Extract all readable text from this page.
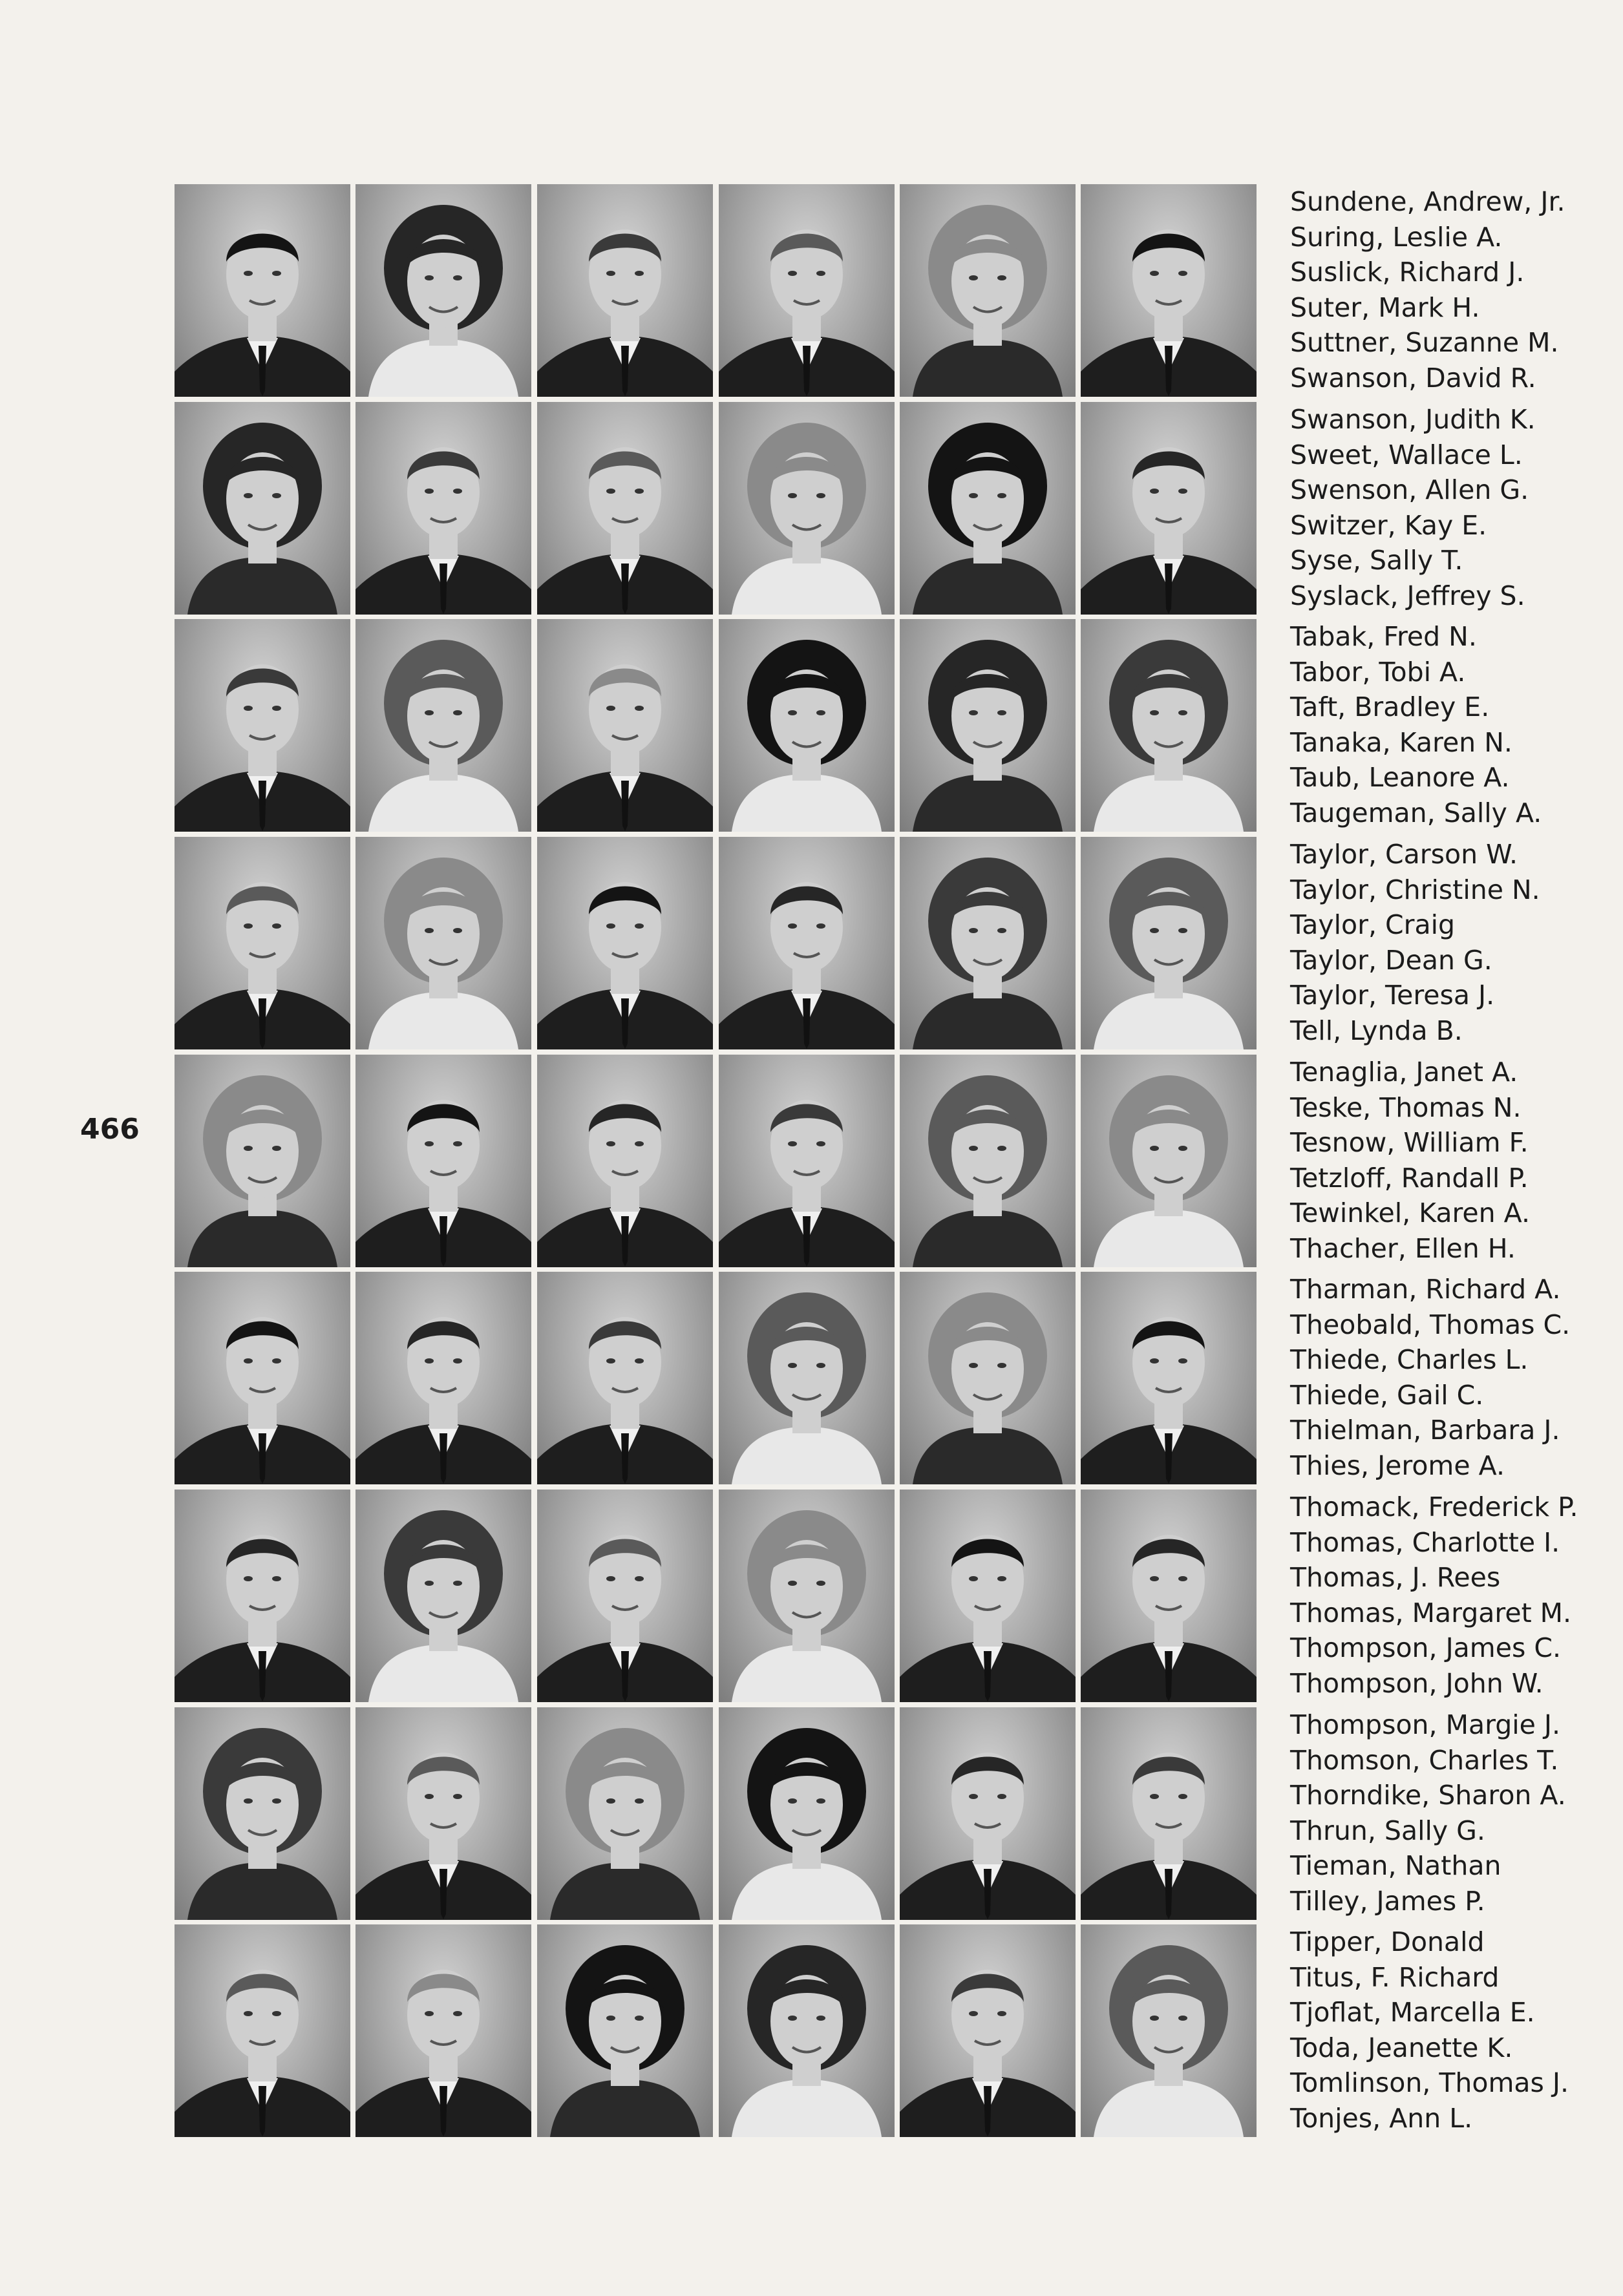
466
Sundene, Andrew, Jr.
Suring, Leslie A.
Suslick, Richard J.
Suter, Mark H.
Suttner, Suzanne M.
Swanson, David R.
Swanson, Judith K.
Sweet, Wallace L.
Swenson, Allen G.
Switzer, Kay E.
Syse, Sally T.
Syslack, Jeffrey S.
Tabak, Fred N.
Tabor, Tobi A.
Taft, Bradley E.
Tanaka, Karen N.
Taub, Leanore A.
Taugeman, Sally A.
Taylor, Carson W.
Taylor, Christine N.
Taylor, Craig
Taylor, Dean G.
Taylor, Teresa J.
Tell, Lynda B.
Tenaglia, Janet A.
Teske, Thomas N.
Tesnow, William F.
Tetzloff, Randall P.
Tewinkel, Karen A.
Thacher, Ellen H.
Tharman, Richard A.
Theobald, Thomas C.
Thiede, Charles L.
Thiede, Gail C.
Thielman, Barbara J.
Thies, Jerome A.
Thomack, Frederick P.
Thomas, Charlotte I.
Thomas, J. Rees
Thomas, Margaret M.
Thompson, James C.
Thompson, John W.
Thompson, Margie J.
Thomson, Charles T.
Thorndike, Sharon A.
Thrun, Sally G.
Tieman, Nathan
Tilley, James P.
Tipper, Donald
Titus, F. Richard
Tjoflat, Marcella E.
Toda, Jeanette K.
Tomlinson, Thomas J.
Tonjes, Ann L.
